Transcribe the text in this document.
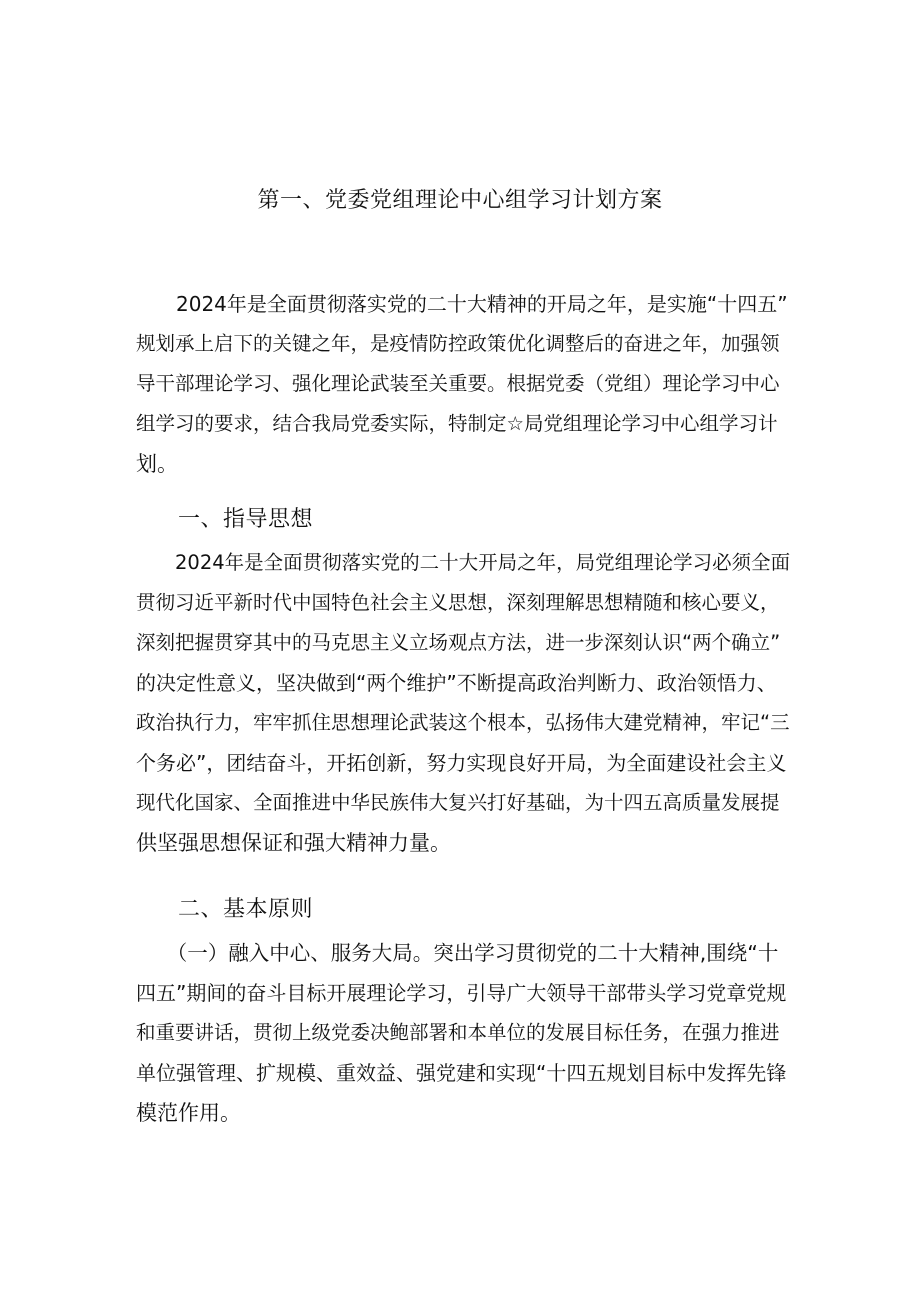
第一、党委党组理论中心组学习计划方案
　　2024年是全面贯彻落实党的二十大精神的开局之年，是实施“十四五”
规划承上启下的关键之年，是疫情防控政策优化调整后的奋进之年，加强领
导干部理论学习、强化理论武装至关重要。根据党委（党组）理论学习中心
组学习的要求，结合我局党委实际，特制定☆局党组理论学习中心组学习计
划。
一、指导思想
　　2024年是全面贯彻落实党的二十大开局之年，局党组理论学习必须全面
贯彻习近平新时代中国特色社会主义思想，深刻理解思想精随和核心要义，
深刻把握贯穿其中的马克思主义立场观点方法，进一步深刻认识“两个确立”
的决定性意义，坚决做到“两个维护”不断提高政治判断力、政治领悟力、
政治执行力，牢牢抓住思想理论武装这个根本，弘扬伟大建党精神，牢记“三
个务必”，团结奋斗，开拓创新，努力实现良好开局，为全面建设社会主义
现代化国家、全面推进中华民族伟大复兴打好基础，为十四五高质量发展提
供坚强思想保证和强大精神力量。
二、基本原则
　　（一）融入中心、服务大局。突出学习贯彻党的二十大精神,围绕“十
四五”期间的奋斗目标开展理论学习，引导广大领导干部带头学习党章党规
和重要讲话，贯彻上级党委决鲍部署和本单位的发展目标任务，在强力推进
单位强管理、扩规模、重效益、强党建和实现“十四五规划目标中发挥先锋
模范作用。
